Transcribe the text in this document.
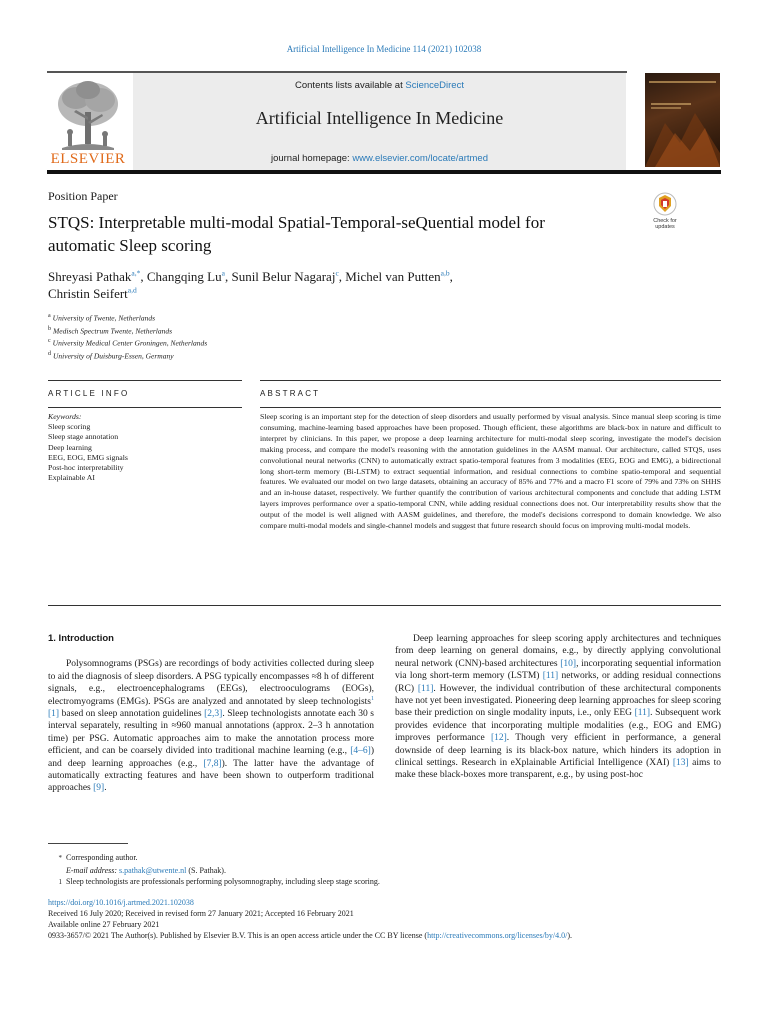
Artificial Intelligence In Medicine 114 (2021) 102038
ELSEVIER
Contents lists available at ScienceDirect
Artificial Intelligence In Medicine
journal homepage: www.elsevier.com/locate/artmed
Position Paper
STQS: Interpretable multi-modal Spatial-Temporal-seQuential model for
automatic Sleep scoring
Check for
updates
Shreyasi Pathak$^{a,*}$, Changqing Lu$^a$, Sunil Belur Nagaraj$^c$, Michel van Putten$^{a,b}$,
Christin Seifert$^{a,d}$
$^a$ University of Twente, Netherlands
$^b$ Medisch Spectrum Twente, Netherlands
$^c$ University Medical Center Groningen, Netherlands
$^d$ University of Duisburg-Essen, Germany
ARTICLE INFO	ABSTRACT
Keywords:
Sleep scoring
Sleep stage annotation
Deep learning
EEG, EOG, EMG signals
Post-hoc interpretability
Explainable AI
Sleep scoring is an important step for the detection of sleep disorders and usually performed by visual analysis. Since manual sleep scoring is time consuming, machine-learning based approaches have been proposed. Though efficient, these algorithms are black-box in nature and difficult to interpret by clinicians. In this paper, we propose a deep learning architecture for multi-modal sleep scoring, investigate the model's decision making process, and compare the model's reasoning with the annotation guidelines in the AASM manual. Our architecture, called STQS, uses convolutional neural networks (CNN) to automatically extract spatio-temporal features from 3 modalities (EEG, EOG and EMG), a bidirectional long short-term memory (Bi-LSTM) to extract sequential information, and residual connections to combine spatio-temporal and sequential features. We evaluated our model on two large datasets, obtaining an accuracy of 85% and 77% and a macro F1 score of 79% and 73% on SHHS and an in-house dataset, respectively. We further quantify the contribution of various architectural components and conclude that adding LSTM layers improves performance over a spatio-temporal CNN, while adding residual connections does not. Our interpretability results show that the output of the model is well aligned with AASM guidelines, and therefore, the model's decisions correspond to domain knowledge. We also compare multi-modal models and single-channel models and suggest that future research should focus on improving multi-modal models.
1. Introduction

Polysomnograms (PSGs) are recordings of body activities collected during sleep to aid the diagnosis of sleep disorders. A PSG typically encompasses ≈8 h of different signals, e.g., electroencephalograms (EEGs), electrooculograms (EOGs), electromyograms (EMGs). PSGs are analyzed and annotated by sleep technologists$^1$ [1] based on sleep annotation guidelines [2,3]. Sleep technologists annotate each 30 s interval separately, resulting in ≈960 manual annotations (approx. 2–3 h annotation time) per PSG. Automatic approaches aim to make the annotation process more efficient, and can be coarsely divided into traditional machine learning (e.g., [4–6]) and deep learning approaches (e.g., [7,8]). The latter have the advantage of automatically extracting features and have been shown to outperform traditional approaches [9].

Deep learning approaches for sleep scoring apply architectures and techniques from deep learning on general domains, e.g., by directly applying convolutional neural network (CNN)-based architectures [10], incorporating sequential information via long short-term memory (LSTM) [11] networks, or adding residual connections (RC) [11]. However, the individual contribution of these architectural components have not yet been investigated. Pioneering deep learning approaches for sleep scoring base their prediction on single modality inputs, i.e., only EEG [11]. Subsequent work provides evidence that incorporating multiple modalities (e.g., EOG and EMG) improves performance [12]. Though very efficient in performance, a general downside of deep learning is its black-box nature, which hinders its adoption in clinical settings. Research in eXplainable Artificial Intelligence (XAI) [13] aims to make these black-boxes more transparent, e.g., by using post-hoc

* Corresponding author.
E-mail address: s.pathak@utwente.nl (S. Pathak).
1 Sleep technologists are professionals performing polysomnography, including sleep stage scoring.
https://doi.org/10.1016/j.artmed.2021.102038
Received 16 July 2020; Received in revised form 27 January 2021; Accepted 16 February 2021
Available online 27 February 2021
0933-3657/© 2021 The Author(s). Published by Elsevier B.V. This is an open access article under the CC BY license (http://creativecommons.org/licenses/by/4.0/).
